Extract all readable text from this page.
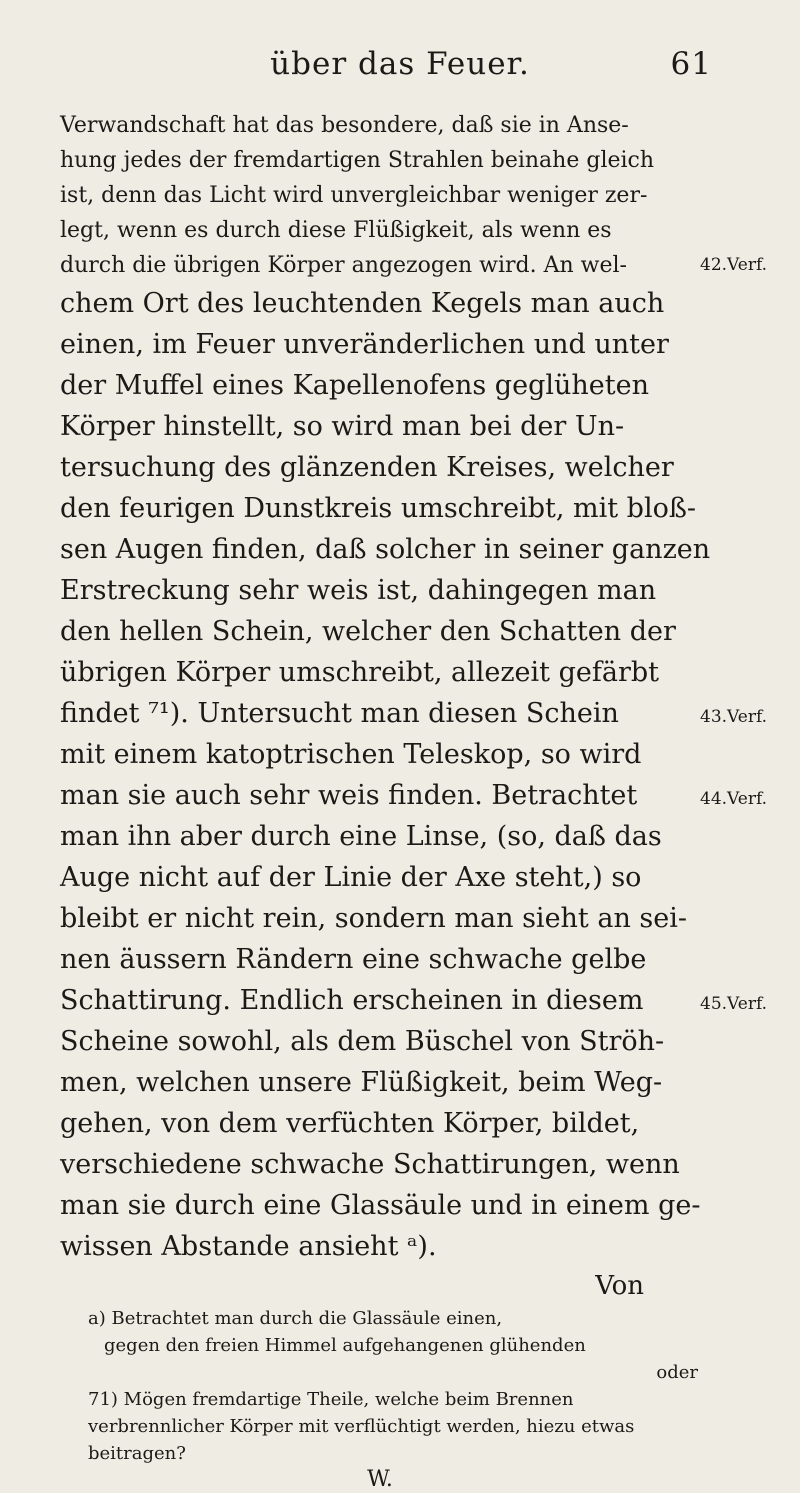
über das Feuer.	61
Verwandschaft hat das besondere, daß sie in Anse-
hung jedes der fremdartigen Strahlen beinahe gleich
ist, denn das Licht wird unvergleichbar weniger zer-
legt, wenn es durch diese Flüßigkeit, als wenn es
durch die übrigen Körper angezogen wird. An wel-	42.Verf.
chem Ort des leuchtenden Kegels man auch
einen, im Feuer unveränderlichen und unter
der Muffel eines Kapellenofens geglüheten
Körper hinstellt, so wird man bei der Un-
tersuchung des glänzenden Kreises, welcher
den feurigen Dunstkreis umschreibt, mit bloß-
sen Augen finden, daß solcher in seiner ganzen
Erstreckung sehr weis ist, dahingegen man
den hellen Schein, welcher den Schatten der
übrigen Körper umschreibt, allezeit gefärbt
findet ⁷¹). Untersucht man diesen Schein	43.Verf.
mit einem katoptrischen Teleskop, so wird
man sie auch sehr weis finden. Betrachtet	44.Verf.
man ihn aber durch eine Linse, (so, daß das
Auge nicht auf der Linie der Axe steht,) so
bleibt er nicht rein, sondern man sieht an sei-
nen äussern Rändern eine schwache gelbe
Schattirung. Endlich erscheinen in diesem	45.Verf.
Scheine sowohl, als dem Büschel von Ströh-
men, welchen unsere Flüßigkeit, beim Weg-
gehen, von dem verfüchten Körper, bildet,
verschiedene schwache Schattirungen, wenn
man sie durch eine Glassäule und in einem ge-
wissen Abstande ansieht ᵃ).
Von
a) Betrachtet man durch die Glassäule einen,
gegen den freien Himmel aufgehangenen glühenden
oder
71) Mögen fremdartige Theile, welche beim Brennen
verbrennlicher Körper mit verflüchtigt werden, hiezu etwas
beitragen?
W.
